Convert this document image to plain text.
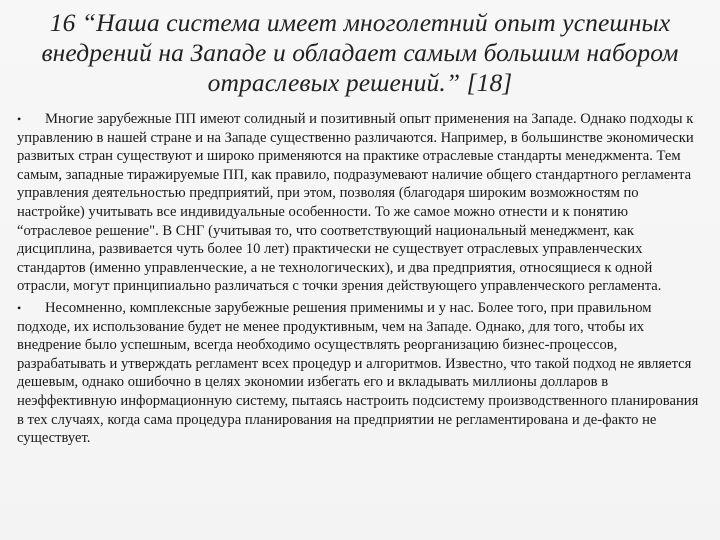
16 “Наша система имеет многолетний опыт успешных внедрений на Западе и обладает самым большим набором отраслевых решений.” [18]

• Многие зарубежные ПП имеют солидный и позитивный опыт применения на Западе. Однако подходы к управлению в нашей стране и на Западе существенно различаются. Например, в большинстве экономически развитых стран существуют и широко применяются на практике отраслевые стандарты менеджмента. Тем самым, западные тиражируемые ПП, как правило, подразумевают наличие общего стандартного регламента управления деятельностью предприятий, при этом, позволяя (благодаря широким возможностям по настройке) учитывать все индивидуальные особенности. То же самое можно отнести и к понятию “отраслевое решение". В СНГ (учитывая то, что соответствующий национальный менеджмент, как дисциплина, развивается чуть более 10 лет) практически не существует отраслевых управленческих стандартов (именно управленческие, а не технологических), и два предприятия, относящиеся к одной отрасли, могут принципиально различаться с точки зрения действующего управленческого регламента.

• Несомненно, комплексные зарубежные решения применимы и у нас. Более того, при правильном подходе, их использование будет не менее продуктивным, чем на Западе. Однако, для того, чтобы их внедрение было успешным, всегда необходимо осуществлять реорганизацию бизнес-процессов, разрабатывать и утверждать регламент всех процедур и алгоритмов. Известно, что такой подход не является дешевым, однако ошибочно в целях экономии избегать его и вкладывать миллионы долларов в неэффективную информационную систему, пытаясь настроить подсистему производственного планирования в тех случаях, когда сама процедура планирования на предприятии не регламентирована и де-факто не существует.
